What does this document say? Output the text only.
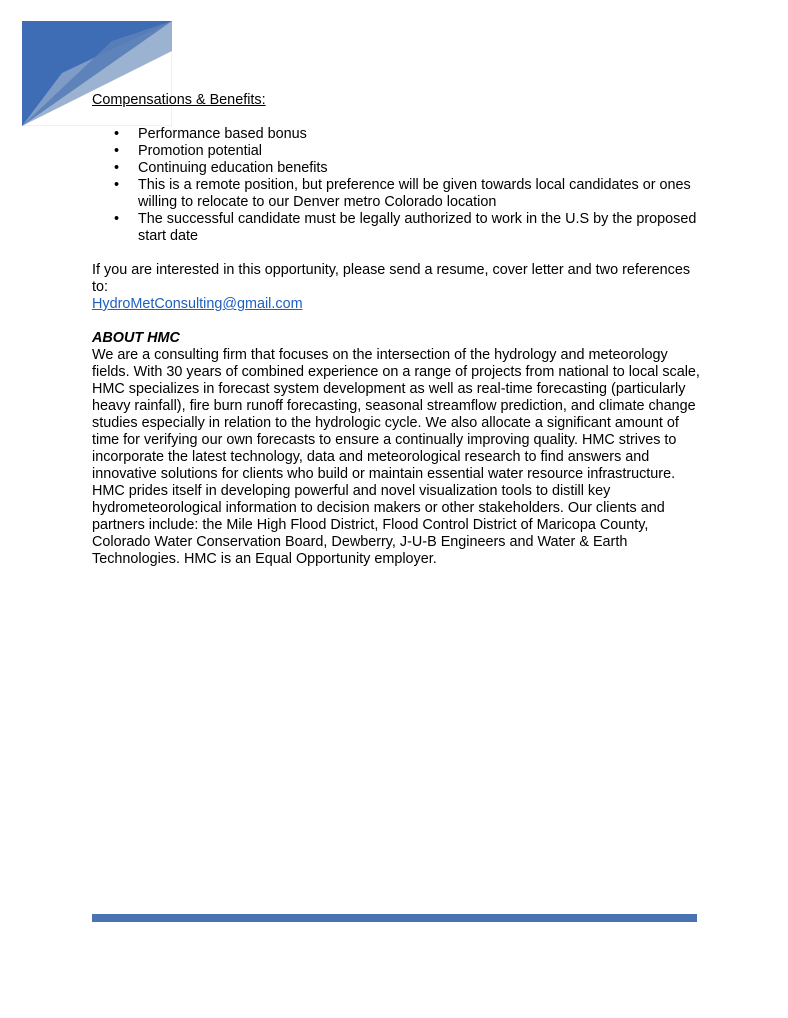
Compensations & Benefits:

• Performance based bonus
• Promotion potential
• Continuing education benefits
• This is a remote position, but preference will be given towards local candidates or ones willing to relocate to our Denver metro Colorado location
• The successful candidate must be legally authorized to work in the U.S by the proposed start date
If you are interested in this opportunity, please send a resume, cover letter and two references to:
HydroMetConsulting@gmail.com

ABOUT HMC

We are a consulting firm that focuses on the intersection of the hydrology and meteorology fields. With 30 years of combined experience on a range of projects from national to local scale, HMC specializes in forecast system development as well as real-time forecasting (particularly heavy rainfall), fire burn runoff forecasting, seasonal streamflow prediction, and climate change studies especially in relation to the hydrologic cycle. We also allocate a significant amount of time for verifying our own forecasts to ensure a continually improving quality. HMC strives to incorporate the latest technology, data and meteorological research to find answers and innovative solutions for clients who build or maintain essential water resource infrastructure. HMC prides itself in developing powerful and novel visualization tools to distill key hydrometeorological information to decision makers or other stakeholders. Our clients and partners include: the Mile High Flood District, Flood Control District of Maricopa County, Colorado Water Conservation Board, Dewberry, J-U-B Engineers and Water & Earth Technologies. HMC is an Equal Opportunity employer.
